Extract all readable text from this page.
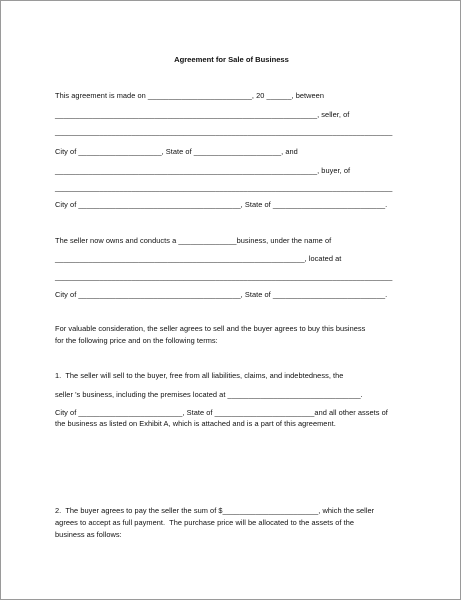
Agreement for Sale of Business
This agreement is made on _________________________, 20 ______, between
_______________________________________________________________, seller, of
____________________________________________________________________________________
City of ____________________, State of _____________________, and
_______________________________________________________________, buyer, of
____________________________________________________________________________________
City of _______________________________________, State of ___________________________.
The seller now owns and conducts a ______________business, under the name of
____________________________________________________________, located at
____________________________________________________________________________________
City of _______________________________________, State of ___________________________.
For valuable consideration, the seller agrees to sell and the buyer agrees to buy this business
for the following price and on the following terms:
1.  The seller will sell to the buyer, free from all liabilities, claims, and indebtedness, the
seller 's business, including the premises located at ________________________________.
City of _________________________, State of ________________________and all other assets of
the business as listed on Exhibit A, which is attached and is a part of this agreement.
2.  The buyer agrees to pay the seller the sum of $_______________________, which the seller
agrees to accept as full payment.  The purchase price will be allocated to the assets of the
business as follows:
